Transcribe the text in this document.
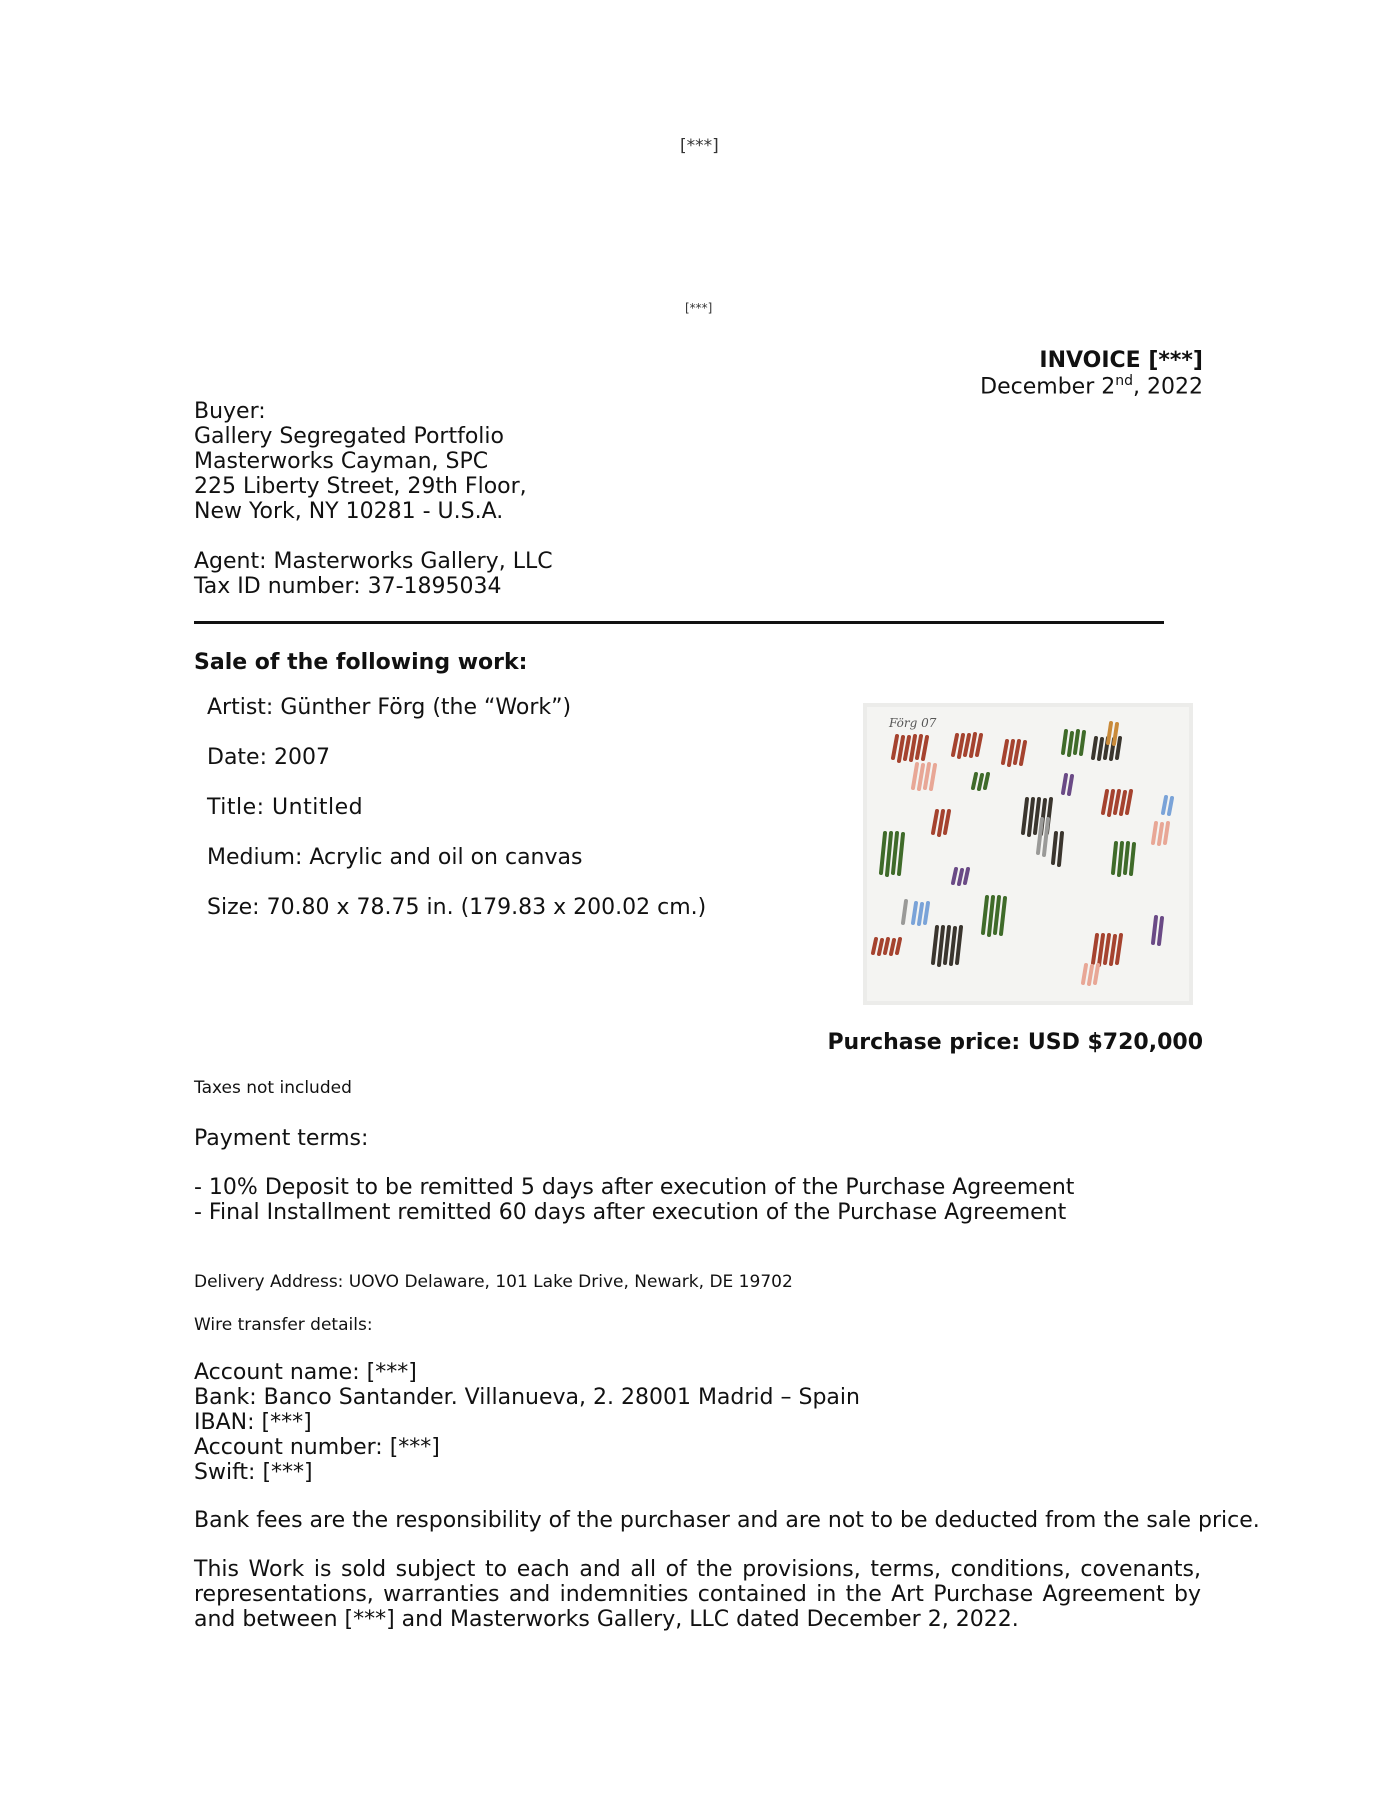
[***]
[***]
INVOICE [***]
December 2nd, 2022
Buyer:
Gallery Segregated Portfolio
Masterworks Cayman, SPC
225 Liberty Street, 29th Floor,
New York, NY 10281 - U.S.A.
Agent: Masterworks Gallery, LLC
Tax ID number: 37-1895034
Sale of the following work:
Artist: Günther Förg (the “Work”)
Date: 2007
Title: Untitled
Medium: Acrylic and oil on canvas
Size: 70.80 x 78.75 in. (179.83 x 200.02 cm.)
Förg 07
Purchase price: USD $720,000
Taxes not included
Payment terms:
- 10% Deposit to be remitted 5 days after execution of the Purchase Agreement
- Final Installment remitted 60 days after execution of the Purchase Agreement
Delivery Address: UOVO Delaware, 101 Lake Drive, Newark, DE 19702
Wire transfer details:
Account name: [***]
Bank: Banco Santander. Villanueva, 2. 28001 Madrid – Spain
IBAN: [***]
Account number: [***]
Swift: [***]
Bank fees are the responsibility of the purchaser and are not to be deducted from the sale price.
This Work is sold subject to each and all of the provisions, terms, conditions, covenants, representations, warranties and indemnities contained in the Art Purchase Agreement by and between [***] and Masterworks Gallery, LLC dated December 2, 2022.
